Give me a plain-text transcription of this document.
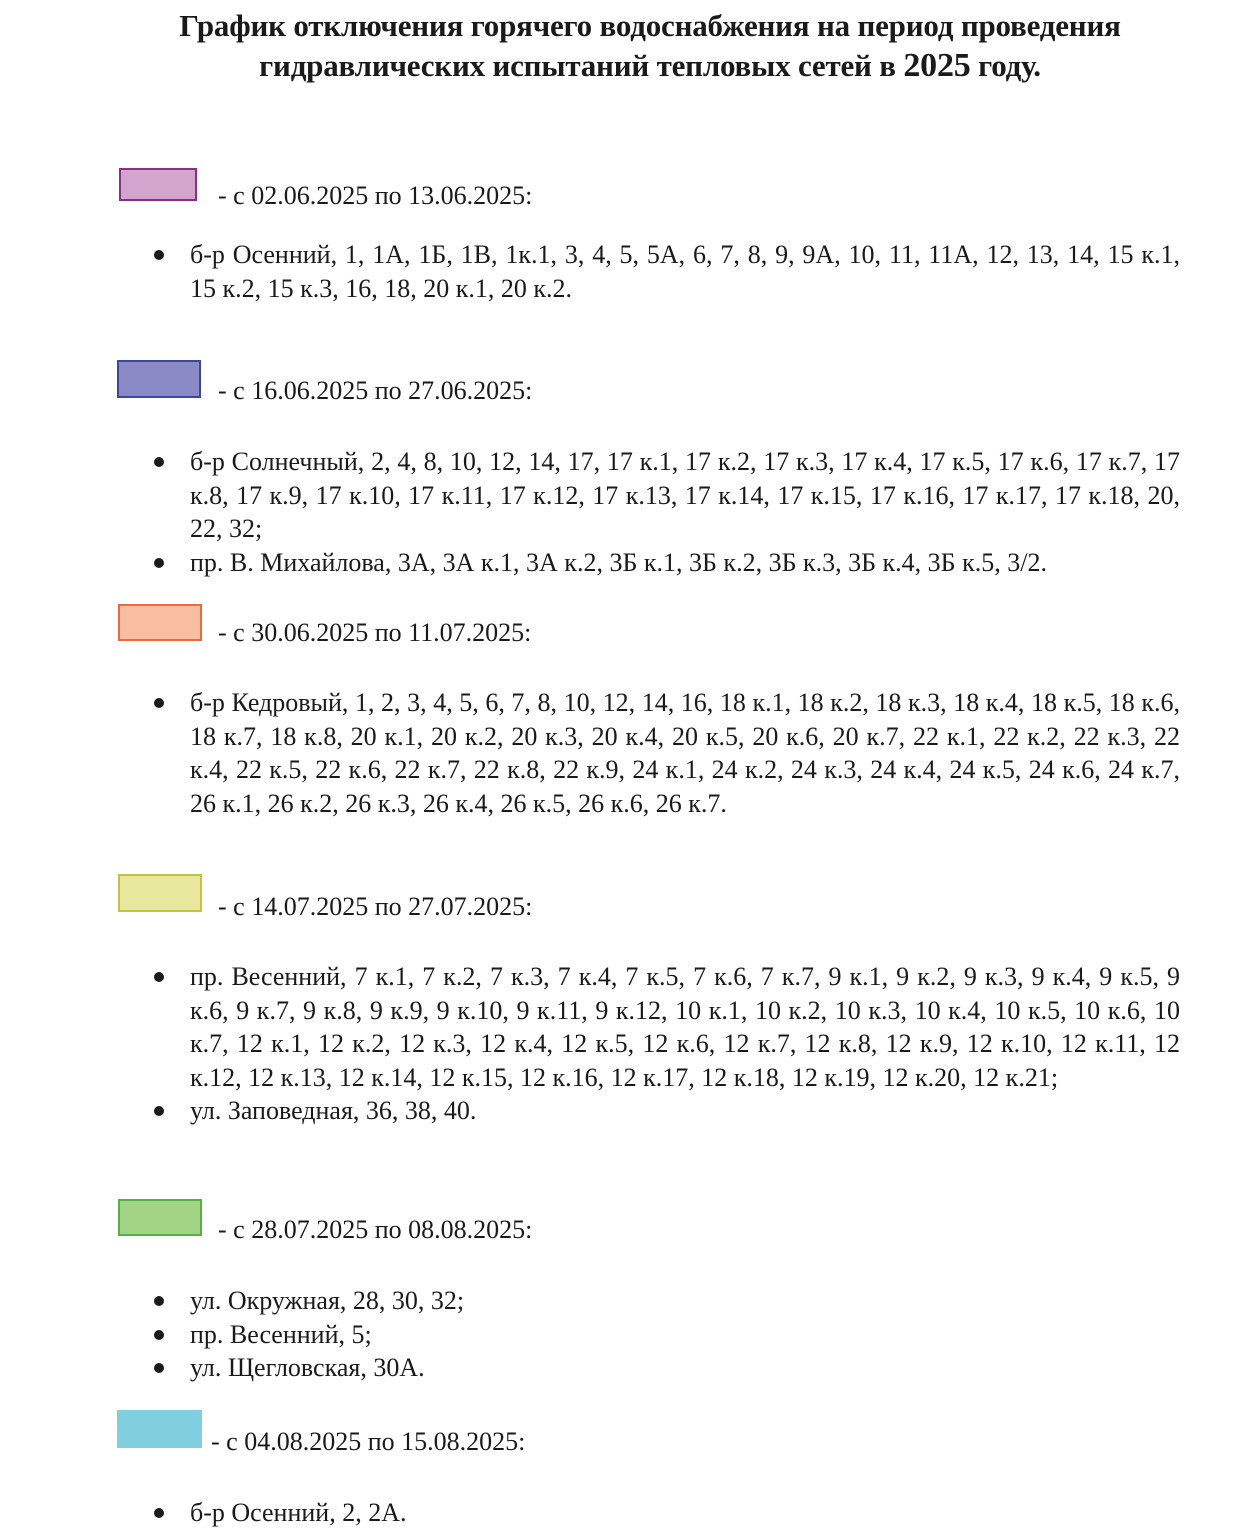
График отключения горячего водоснабжения на период проведения
гидравлических испытаний тепловых сетей в 2025 году.
- с 02.06.2025 по 13.06.2025:
б-р Осенний, 1, 1А, 1Б, 1В, 1к.1, 3, 4, 5, 5А, 6, 7, 8, 9, 9А, 10, 11, 11А, 12, 13, 14, 15 к.1, 15 к.2, 15 к.3, 16, 18, 20 к.1, 20 к.2.
- с 16.06.2025 по 27.06.2025:
б-р Солнечный, 2, 4, 8, 10, 12, 14, 17, 17 к.1, 17 к.2, 17 к.3, 17 к.4, 17 к.5, 17 к.6, 17 к.7, 17 к.8, 17 к.9, 17 к.10, 17 к.11, 17 к.12, 17 к.13, 17 к.14, 17 к.15, 17 к.16, 17 к.17, 17 к.18, 20, 22, 32;
пр. В. Михайлова, 3А, 3А к.1, 3А к.2, 3Б к.1, 3Б к.2, 3Б к.3, 3Б к.4, 3Б к.5, 3/2.
- с 30.06.2025 по 11.07.2025:
б-р Кедровый, 1, 2, 3, 4, 5, 6, 7, 8, 10, 12, 14, 16, 18 к.1, 18 к.2, 18 к.3, 18 к.4, 18 к.5, 18 к.6, 18 к.7, 18 к.8, 20 к.1, 20 к.2, 20 к.3, 20 к.4, 20 к.5, 20 к.6, 20 к.7, 22 к.1, 22 к.2, 22 к.3, 22 к.4, 22 к.5, 22 к.6, 22 к.7, 22 к.8, 22 к.9, 24 к.1, 24 к.2, 24 к.3, 24 к.4, 24 к.5, 24 к.6, 24 к.7, 26 к.1, 26 к.2, 26 к.3, 26 к.4, 26 к.5, 26 к.6, 26 к.7.
- с 14.07.2025 по 27.07.2025:
пр. Весенний, 7 к.1, 7 к.2, 7 к.3, 7 к.4, 7 к.5, 7 к.6, 7 к.7, 9 к.1, 9 к.2, 9 к.3, 9 к.4, 9 к.5, 9 к.6, 9 к.7, 9 к.8, 9 к.9, 9 к.10, 9 к.11, 9 к.12, 10 к.1, 10 к.2, 10 к.3, 10 к.4, 10 к.5, 10 к.6, 10 к.7, 12 к.1, 12 к.2, 12 к.3, 12 к.4, 12 к.5, 12 к.6, 12 к.7, 12 к.8, 12 к.9, 12 к.10, 12 к.11, 12 к.12, 12 к.13, 12 к.14, 12 к.15, 12 к.16, 12 к.17, 12 к.18, 12 к.19, 12 к.20, 12 к.21;
ул. Заповедная, 36, 38, 40.
- с 28.07.2025 по 08.08.2025:
ул. Окружная, 28, 30, 32;
пр. Весенний, 5;
ул. Щегловская, 30А.
- с 04.08.2025 по 15.08.2025:
б-р Осенний, 2, 2А.
